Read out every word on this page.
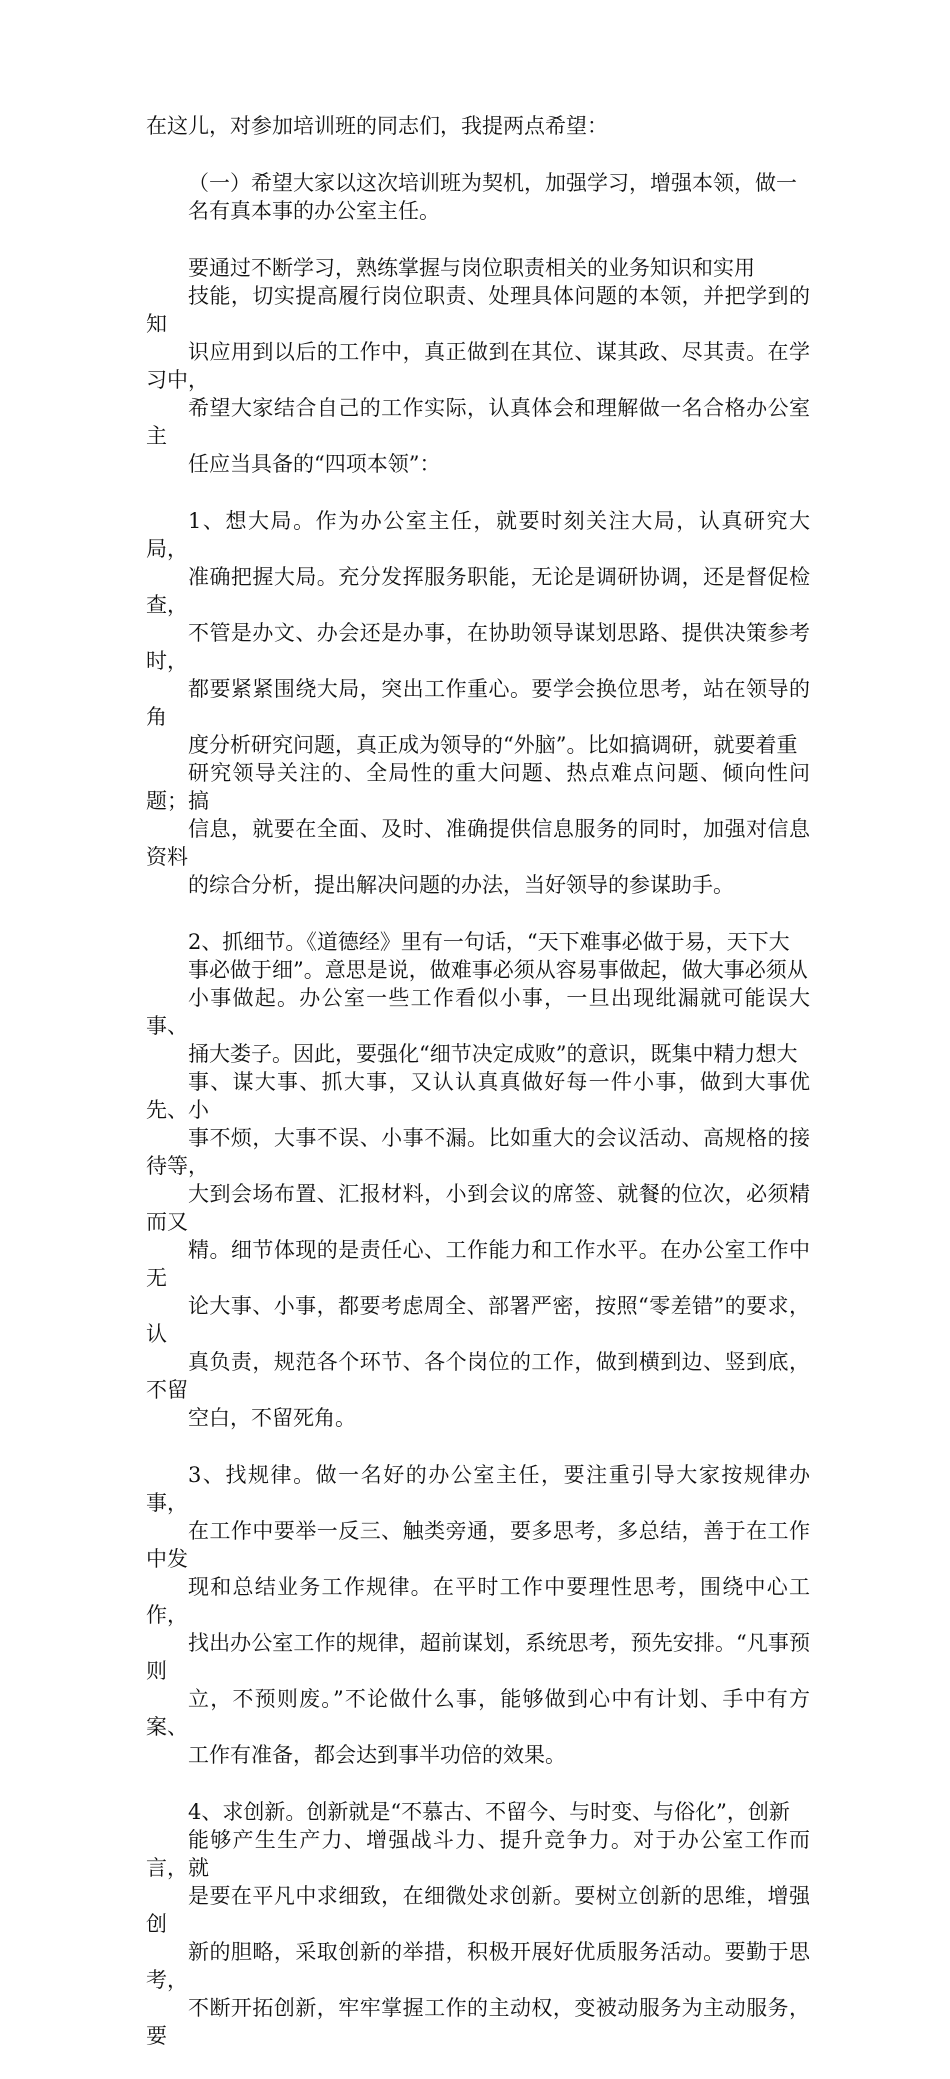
在这儿，对参加培训班的同志们，我提两点希望：

（一）希望大家以这次培训班为契机，加强学习，增强本领，做一
名有真本事的办公室主任。

要通过不断学习，熟练掌握与岗位职责相关的业务知识和实用
技能，切实提高履行岗位职责、处理具体问题的本领，并把学到的知
识应用到以后的工作中，真正做到在其位、谋其政、尽其责。在学习中，
希望大家结合自己的工作实际，认真体会和理解做一名合格办公室主
任应当具备的“四项本领”：

1、想大局。作为办公室主任，就要时刻关注大局，认真研究大局，
准确把握大局。充分发挥服务职能，无论是调研协调，还是督促检查，
不管是办文、办会还是办事，在协助领导谋划思路、提供决策参考时，
都要紧紧围绕大局，突出工作重心。要学会换位思考，站在领导的角
度分析研究问题，真正成为领导的“外脑”。比如搞调研，就要着重
研究领导关注的、全局性的重大问题、热点难点问题、倾向性问题；搞
信息，就要在全面、及时、准确提供信息服务的同时，加强对信息资料
的综合分析，提出解决问题的办法，当好领导的参谋助手。

2、抓细节。《道德经》里有一句话，“天下难事必做于易，天下大
事必做于细”。意思是说，做难事必须从容易事做起，做大事必须从
小事做起。办公室一些工作看似小事，一旦出现纰漏就可能误大事、
捅大娄子。因此，要强化“细节决定成败”的意识，既集中精力想大
事、谋大事、抓大事，又认认真真做好每一件小事，做到大事优先、小
事不烦，大事不误、小事不漏。比如重大的会议活动、高规格的接待等，
大到会场布置、汇报材料，小到会议的席签、就餐的位次，必须精而又
精。细节体现的是责任心、工作能力和工作水平。在办公室工作中无
论大事、小事，都要考虑周全、部署严密，按照“零差错”的要求，认
真负责，规范各个环节、各个岗位的工作，做到横到边、竖到底，不留
空白，不留死角。

3、找规律。做一名好的办公室主任，要注重引导大家按规律办事，
在工作中要举一反三、触类旁通，要多思考，多总结，善于在工作中发
现和总结业务工作规律。在平时工作中要理性思考，围绕中心工作，
找出办公室工作的规律，超前谋划，系统思考，预先安排。“凡事预则
立，不预则废。”不论做什么事，能够做到心中有计划、手中有方案、
工作有准备，都会达到事半功倍的效果。

4、求创新。创新就是“不慕古、不留今、与时变、与俗化”，创新
能够产生生产力、增强战斗力、提升竞争力。对于办公室工作而言，就
是要在平凡中求细致，在细微处求创新。要树立创新的思维，增强创
新的胆略，采取创新的举措，积极开展好优质服务活动。要勤于思考，
不断开拓创新，牢牢掌握工作的主动权，变被动服务为主动服务，要
